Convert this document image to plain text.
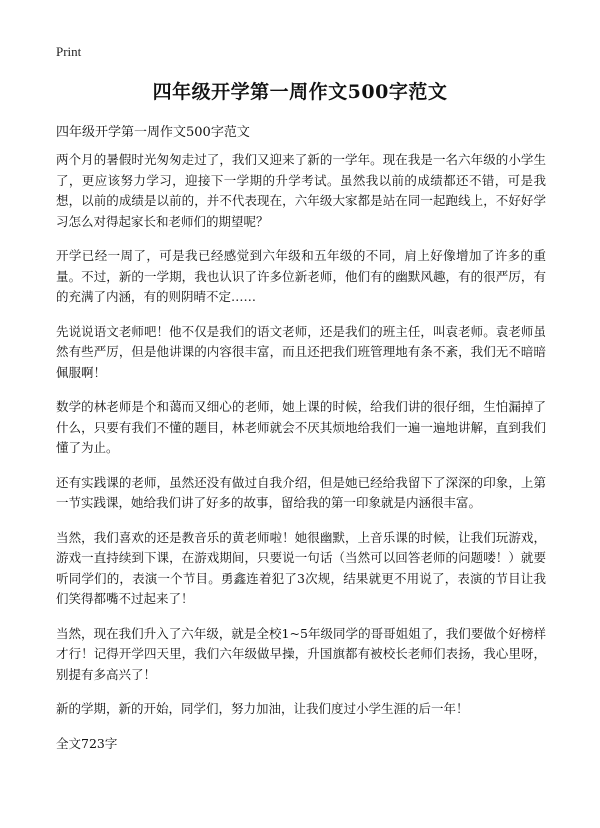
Print
四年级开学第一周作文500字范文

四年级开学第一周作文500字范文

两个月的暑假时光匆匆走过了，我们又迎来了新的一学年。现在我是一名六年级的小学生了，更应该努力学习，迎接下一学期的升学考试。虽然我以前的成绩都还不错，可是我想，以前的成绩是以前的，并不代表现在，六年级大家都是站在同一起跑线上，不好好学习怎么对得起家长和老师们的期望呢？

开学已经一周了，可是我已经感觉到六年级和五年级的不同，肩上好像增加了许多的重量。不过，新的一学期，我也认识了许多位新老师，他们有的幽默风趣，有的很严厉，有的充满了内涵，有的则阴晴不定……

先说说语文老师吧！他不仅是我们的语文老师，还是我们的班主任，叫袁老师。袁老师虽然有些严厉，但是他讲课的内容很丰富，而且还把我们班管理地有条不紊，我们无不暗暗佩服啊！

数学的林老师是个和蔼而又细心的老师，她上课的时候，给我们讲的很仔细，生怕漏掉了什么，只要有我们不懂的题目，林老师就会不厌其烦地给我们一遍一遍地讲解，直到我们懂了为止。

还有实践课的老师，虽然还没有做过自我介绍，但是她已经给我留下了深深的印象，上第一节实践课，她给我们讲了好多的故事，留给我的第一印象就是内涵很丰富。

当然，我们喜欢的还是教音乐的黄老师啦！她很幽默，上音乐课的时候，让我们玩游戏，游戏一直持续到下课，在游戏期间，只要说一句话（当然可以回答老师的问题喽！）就要听同学们的，表演一个节目。勇鑫连着犯了3次规，结果就更不用说了，表演的节目让我们笑得都嘴不过起来了！

当然，现在我们升入了六年级，就是全校1~5年级同学的哥哥姐姐了，我们要做个好榜样才行！记得开学四天里，我们六年级做早操，升国旗都有被校长老师们表扬，我心里呀，别提有多高兴了！

新的学期，新的开始，同学们，努力加油，让我们度过小学生涯的后一年！

全文723字
